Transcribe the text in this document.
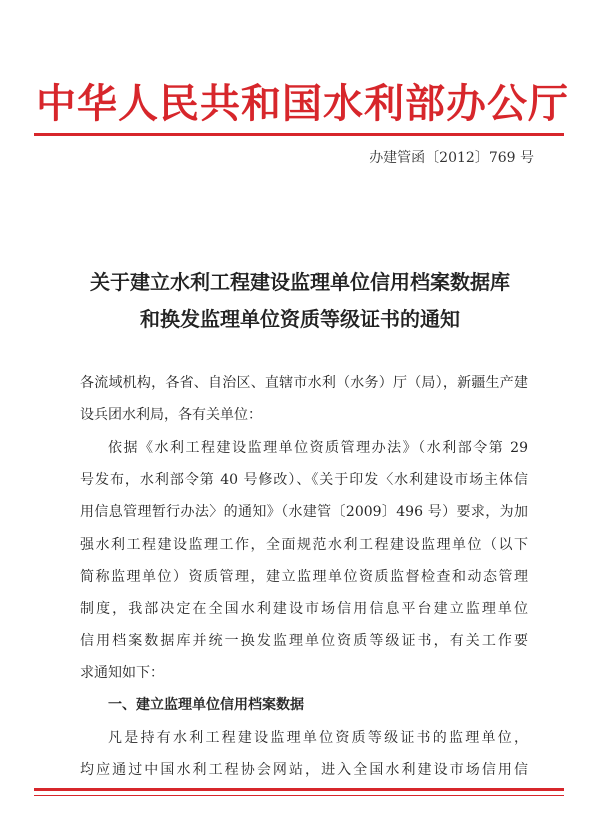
中华人民共和国水利部办公厅
办建管函〔2012〕769 号
关于建立水利工程建设监理单位信用档案数据库
和换发监理单位资质等级证书的通知
各流域机构，各省、自治区、直辖市水利（水务）厅（局），新疆生产建
设兵团水利局，各有关单位：
依据《水利工程建设监理单位资质管理办法》（水利部令第 29
号发布，水利部令第 40 号修改）、《关于印发〈水利建设市场主体信
用信息管理暂行办法〉的通知》（水建管〔2009〕496 号）要求，为加
强水利工程建设监理工作，全面规范水利工程建设监理单位（以下
简称监理单位）资质管理，建立监理单位资质监督检查和动态管理
制度，我部决定在全国水利建设市场信用信息平台建立监理单位
信用档案数据库并统一换发监理单位资质等级证书，有关工作要
求通知如下：
一、建立监理单位信用档案数据
凡是持有水利工程建设监理单位资质等级证书的监理单位，
均应通过中国水利工程协会网站，进入全国水利建设市场信用信
